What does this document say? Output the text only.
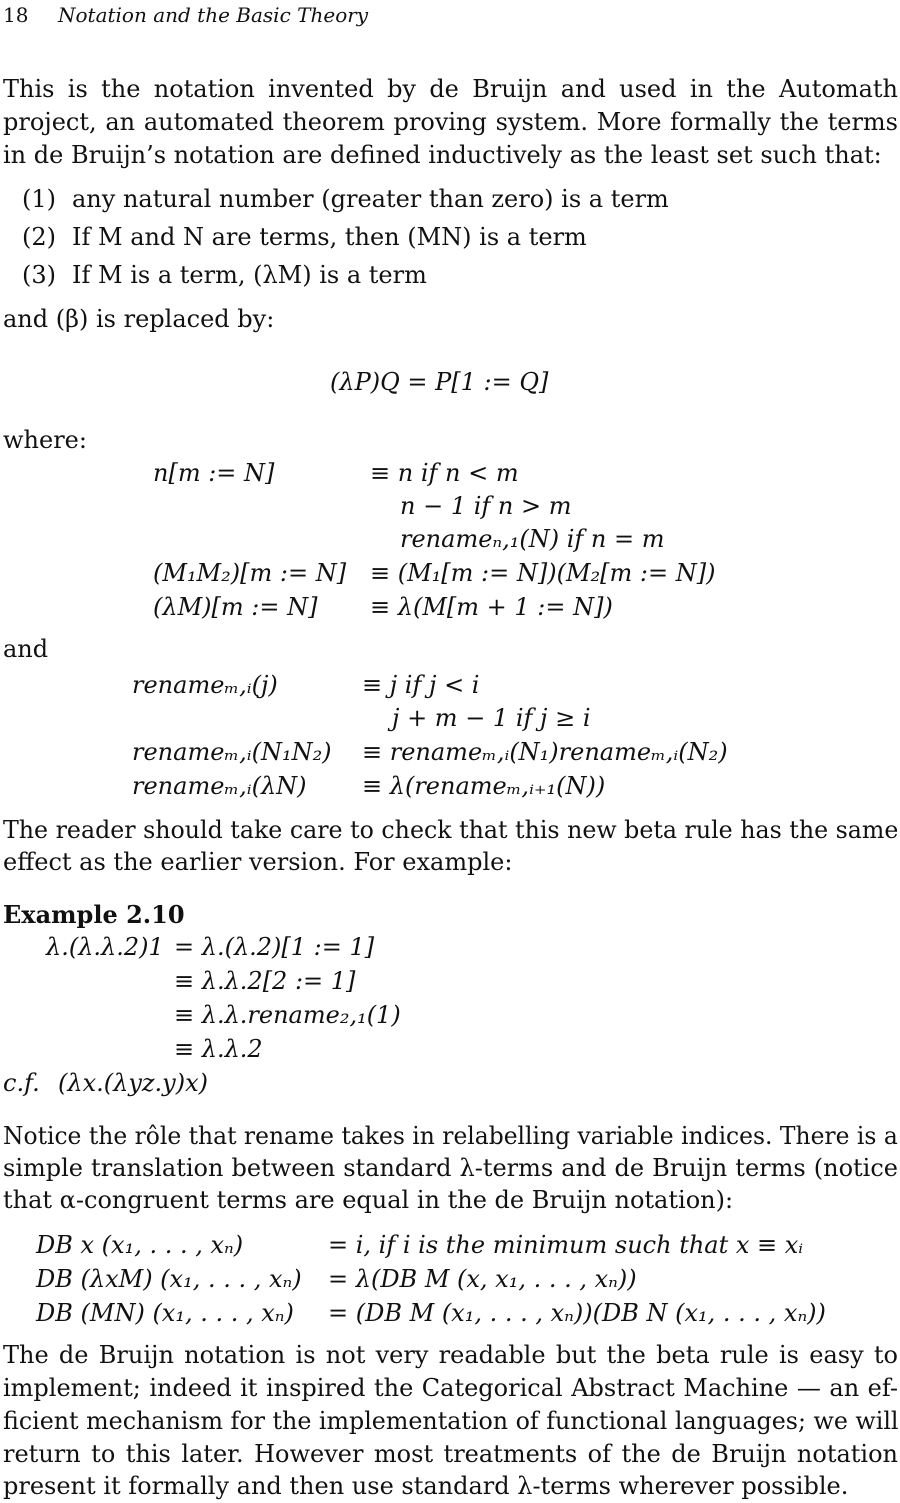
18 Notation and the Basic Theory
This is the notation invented by de Bruijn and used in the Automath
project, an automated theorem proving system. More formally the terms
in de Bruijn’s notation are defined inductively as the least set such that:
(1) any natural number (greater than zero) is a term
(2) If M and N are terms, then (MN) is a term
(3) If M is a term, (λM) is a term
and (β) is replaced by:
(λP)Q = P[1 := Q]
where:
n[m := N]	≡ n if n < m
n − 1 if n > m
renameₙ,₁(N) if n = m
(M₁M₂)[m := N] ≡ (M₁[m := N])(M₂[m := N])
(λM)[m := N] ≡ λ(M[m + 1 := N])
and
renameₘ,ᵢ(j)	≡ j if j < i
j + m − 1 if j ≥ i
renameₘ,ᵢ(N₁N₂) ≡ renameₘ,ᵢ(N₁)renameₘ,ᵢ(N₂)
renameₘ,ᵢ(λN) ≡ λ(renameₘ,ᵢ₊₁(N))
The reader should take care to check that this new beta rule has the same
effect as the earlier version. For example:
Example 2.10
λ.(λ.λ.2)1 = λ.(λ.2)[1 := 1]
≡ λ.λ.2[2 := 1]
≡ λ.λ.rename₂,₁(1)
≡ λ.λ.2
c.f. (λx.(λyz.y)x)
Notice the rôle that rename takes in relabelling variable indices. There is a
simple translation between standard λ-terms and de Bruijn terms (notice
that α-congruent terms are equal in the de Bruijn notation):
DB x (x₁, . . . , xₙ)	= i, if i is the minimum such that x ≡ xᵢ
DB (λxM) (x₁, . . . , xₙ) = λ(DB M (x, x₁, . . . , xₙ))
DB (MN) (x₁, . . . , xₙ) = (DB M (x₁, . . . , xₙ))(DB N (x₁, . . . , xₙ))
The de Bruijn notation is not very readable but the beta rule is easy to
implement; indeed it inspired the Categorical Abstract Machine — an ef-
ficient mechanism for the implementation of functional languages; we will
return to this later. However most treatments of the de Bruijn notation
present it formally and then use standard λ-terms wherever possible.
